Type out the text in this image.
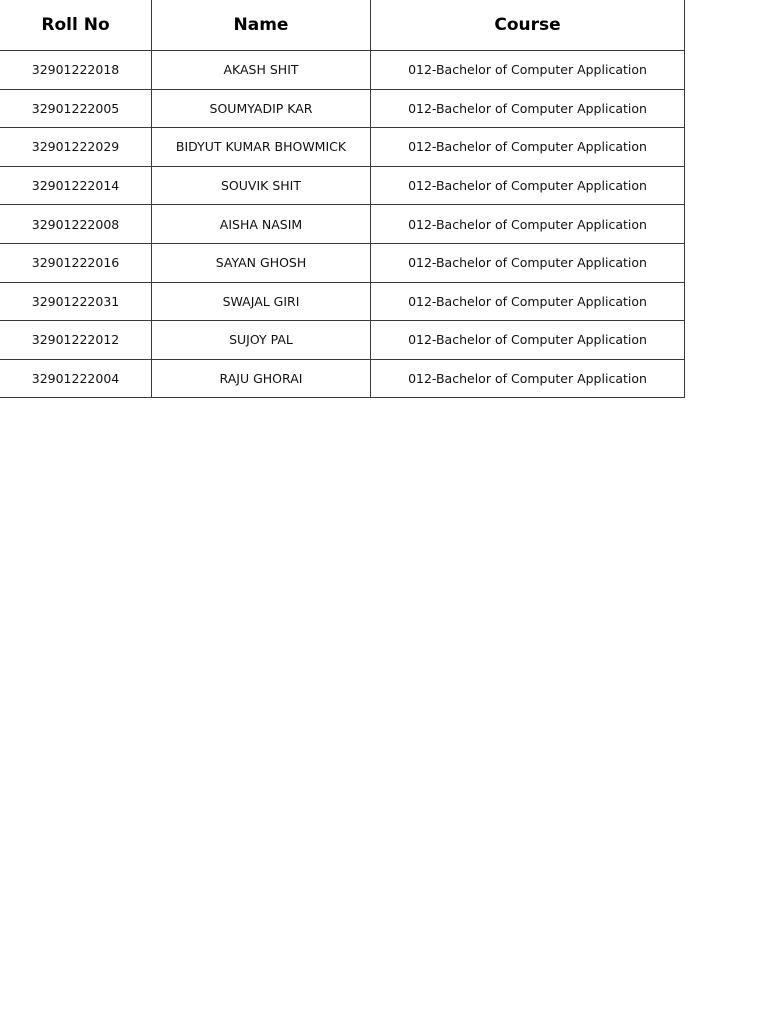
Roll No	Name	Course
32901222018	AKASH SHIT	012-Bachelor of Computer Application
32901222005	SOUMYADIP KAR	012-Bachelor of Computer Application
32901222029	BIDYUT KUMAR BHOWMICK	012-Bachelor of Computer Application
32901222014	SOUVIK SHIT	012-Bachelor of Computer Application
32901222008	AISHA NASIM	012-Bachelor of Computer Application
32901222016	SAYAN GHOSH	012-Bachelor of Computer Application
32901222031	SWAJAL GIRI	012-Bachelor of Computer Application
32901222012	SUJOY PAL	012-Bachelor of Computer Application
32901222004	RAJU GHORAI	012-Bachelor of Computer Application
